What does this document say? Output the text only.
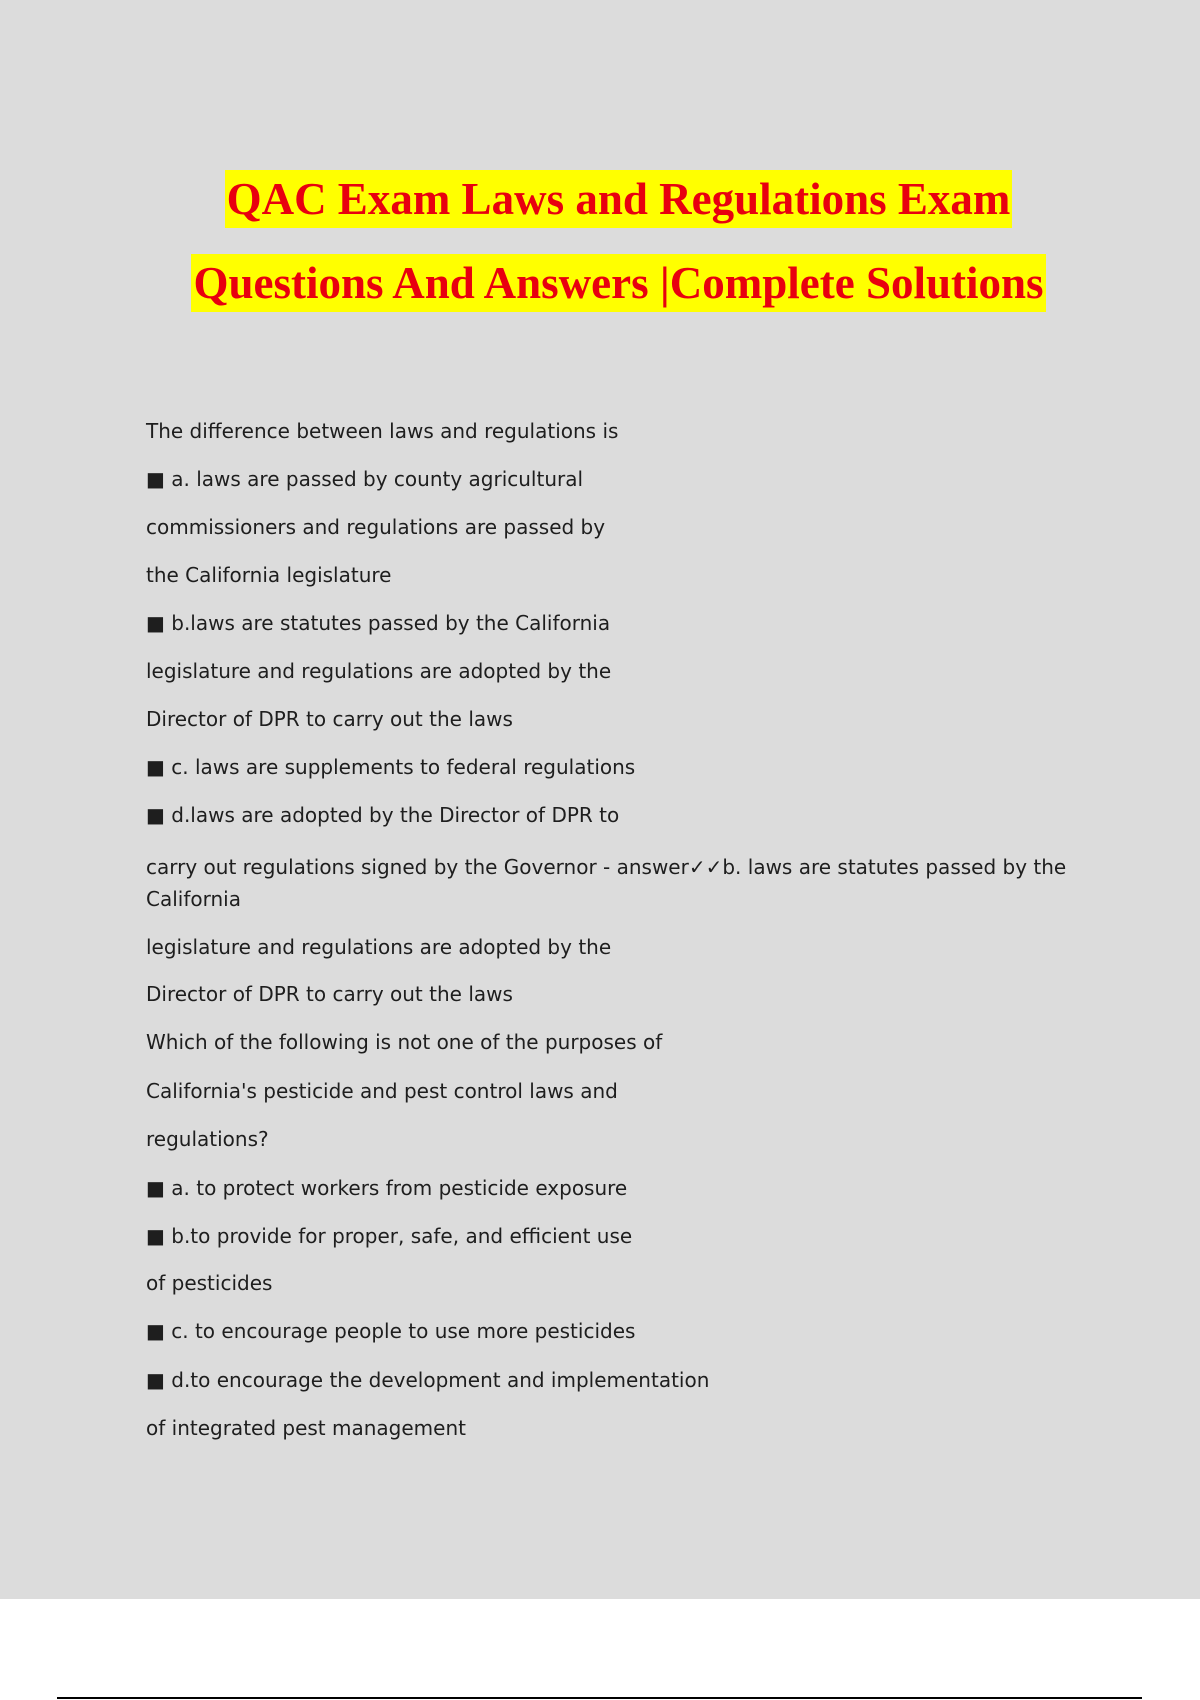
QAC Exam Laws and Regulations Exam
Questions And Answers |Complete Solutions
The difference between laws and regulations is
■ a. laws are passed by county agricultural
commissioners and regulations are passed by
the California legislature
■ b.laws are statutes passed by the California
legislature and regulations are adopted by the
Director of DPR to carry out the laws
■ c. laws are supplements to federal regulations
■ d.laws are adopted by the Director of DPR to
carry out regulations signed by the Governor - answer✓✓b. laws are statutes passed by the California
legislature and regulations are adopted by the
Director of DPR to carry out the laws
Which of the following is not one of the purposes of
California's pesticide and pest control laws and
regulations?
■ a. to protect workers from pesticide exposure
■ b.to provide for proper, safe, and efficient use
of pesticides
■ c. to encourage people to use more pesticides
■ d.to encourage the development and implementation
of integrated pest management
